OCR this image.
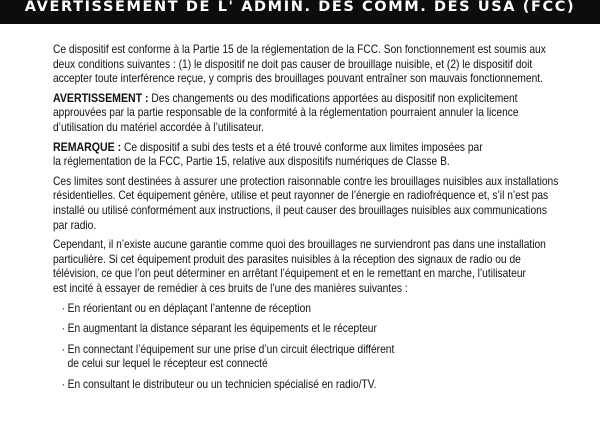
AVERTISSEMENT DE L' ADMIN. DES COMM. DES USA (FCC)

Ce dispositif est conforme à la Partie 15 de la réglementation de la FCC. Son fonctionnement est soumis aux
deux conditions suivantes : (1) le dispositif ne doit pas causer de brouillage nuisible, et (2) le dispositif doit
accepter toute interférence reçue, y compris des brouillages pouvant entraîner son mauvais fonctionnement.

AVERTISSEMENT : Des changements ou des modifications apportées au dispositif non explicitement
approuvées par la partie responsable de la conformité à la réglementation pourraient annuler la licence
d’utilisation du matériel accordée à l’utilisateur.

REMARQUE : Ce dispositif a subi des tests et a été trouvé conforme aux limites imposées par
la réglementation de la FCC, Partie 15, relative aux dispositifs numériques de Classe B.

Ces limites sont destinées à assurer une protection raisonnable contre les brouillages nuisibles aux installations
résidentielles. Cet équipement génère, utilise et peut rayonner de l’énergie en radiofréquence et, s’il n’est pas
installé ou utilisé conformément aux instructions, il peut causer des brouillages nuisibles aux communications
par radio.

Cependant, il n’existe aucune garantie comme quoi des brouillages ne surviendront pas dans une installation
particulière. Si cet équipement produit des parasites nuisibles à la réception des signaux de radio ou de
télévision, ce que l’on peut déterminer en arrêtant l’équipement et en le remettant en marche, l’utilisateur
est incité à essayer de remédier à ces bruits de l’une des manières suivantes :

· En réorientant ou en déplaçant l’antenne de réception
· En augmentant la distance séparant les équipements et le récepteur
· En connectant l’équipement sur une prise d’un circuit électrique différent
de celui sur lequel le récepteur est connecté
· En consultant le distributeur ou un technicien spécialisé en radio/TV.
